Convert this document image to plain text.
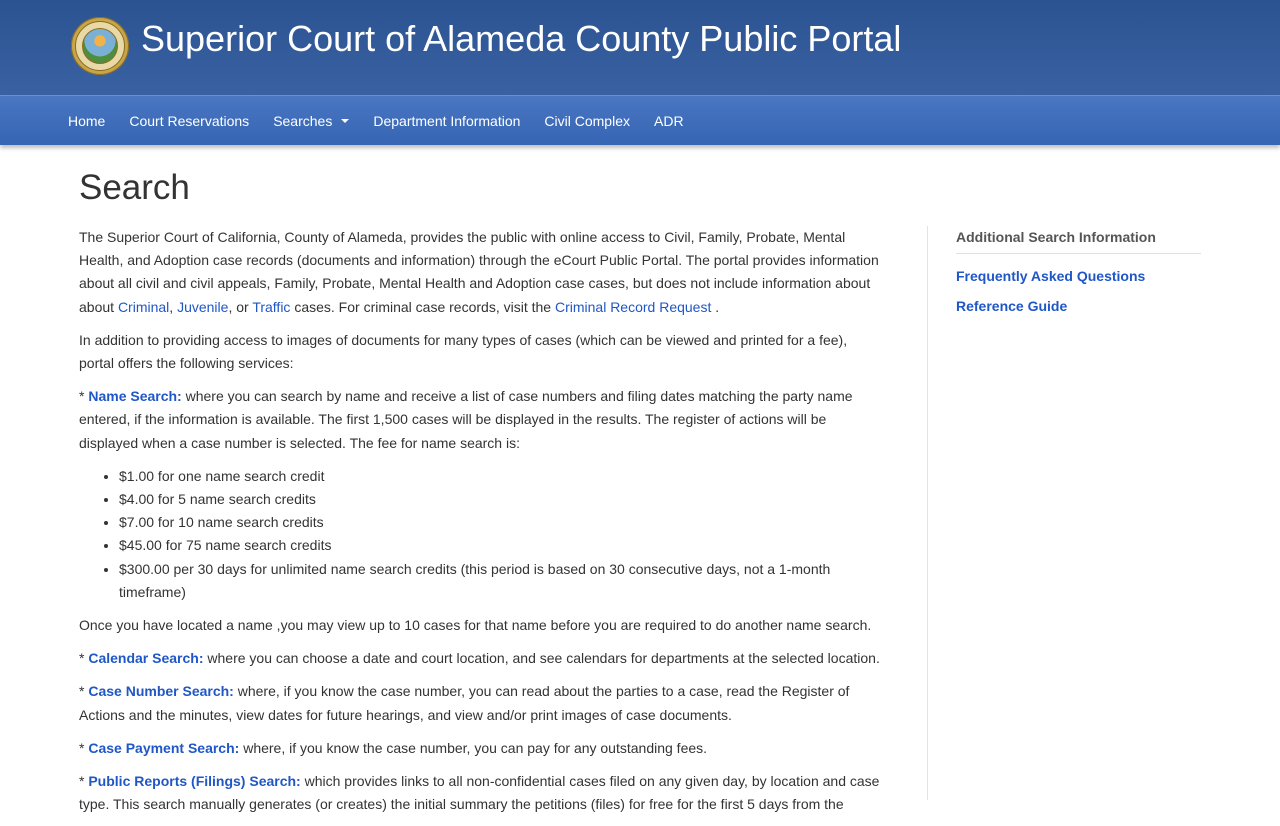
Superior Court of Alameda County Public Portal
Home Court Reservations Searches	Department Information Civil Complex ADR
Search

The Superior Court of California, County of Alameda, provides the public with online access to Civil, Family, Probate, Mental Health, and Adoption case records (documents and information) through the eCourt Public Portal. The portal provides information about all civil and civil appeals, Family, Probate, Mental Health and Adoption case cases, but does not include information about about Criminal, Juvenile, or Traffic cases. For criminal case records, visit the Criminal Record Request .

In addition to providing access to images of documents for many types of cases (which can be viewed and printed for a fee), portal offers the following services:

* Name Search: where you can search by name and receive a list of case numbers and filing dates matching the party name entered, if the information is available. The first 1,500 cases will be displayed in the results. The register of actions will be displayed when a case number is selected. The fee for name search is:

• $1.00 for one name search credit
• $4.00 for 5 name search credits
• $7.00 for 10 name search credits
• $45.00 for 75 name search credits
• $300.00 per 30 days for unlimited name search credits (this period is based on 30 consecutive days, not a 1-month timeframe)

Once you have located a name ,you may view up to 10 cases for that name before you are required to do another name search.

* Calendar Search: where you can choose a date and court location, and see calendars for departments at the selected location.

* Case Number Search: where, if you know the case number, you can read about the parties to a case, read the Register of Actions and the minutes, view dates for future hearings, and view and/or print images of case documents.

* Case Payment Search: where, if you know the case number, you can pay for any outstanding fees.

* Public Reports (Filings) Search: which provides links to all non-confidential cases filed on any given day, by location and case type. This search manually generates (or creates) the initial summary the petitions (files) for free for the first 5 days from the

Additional Search Information
Frequently Asked Questions
Reference Guide
